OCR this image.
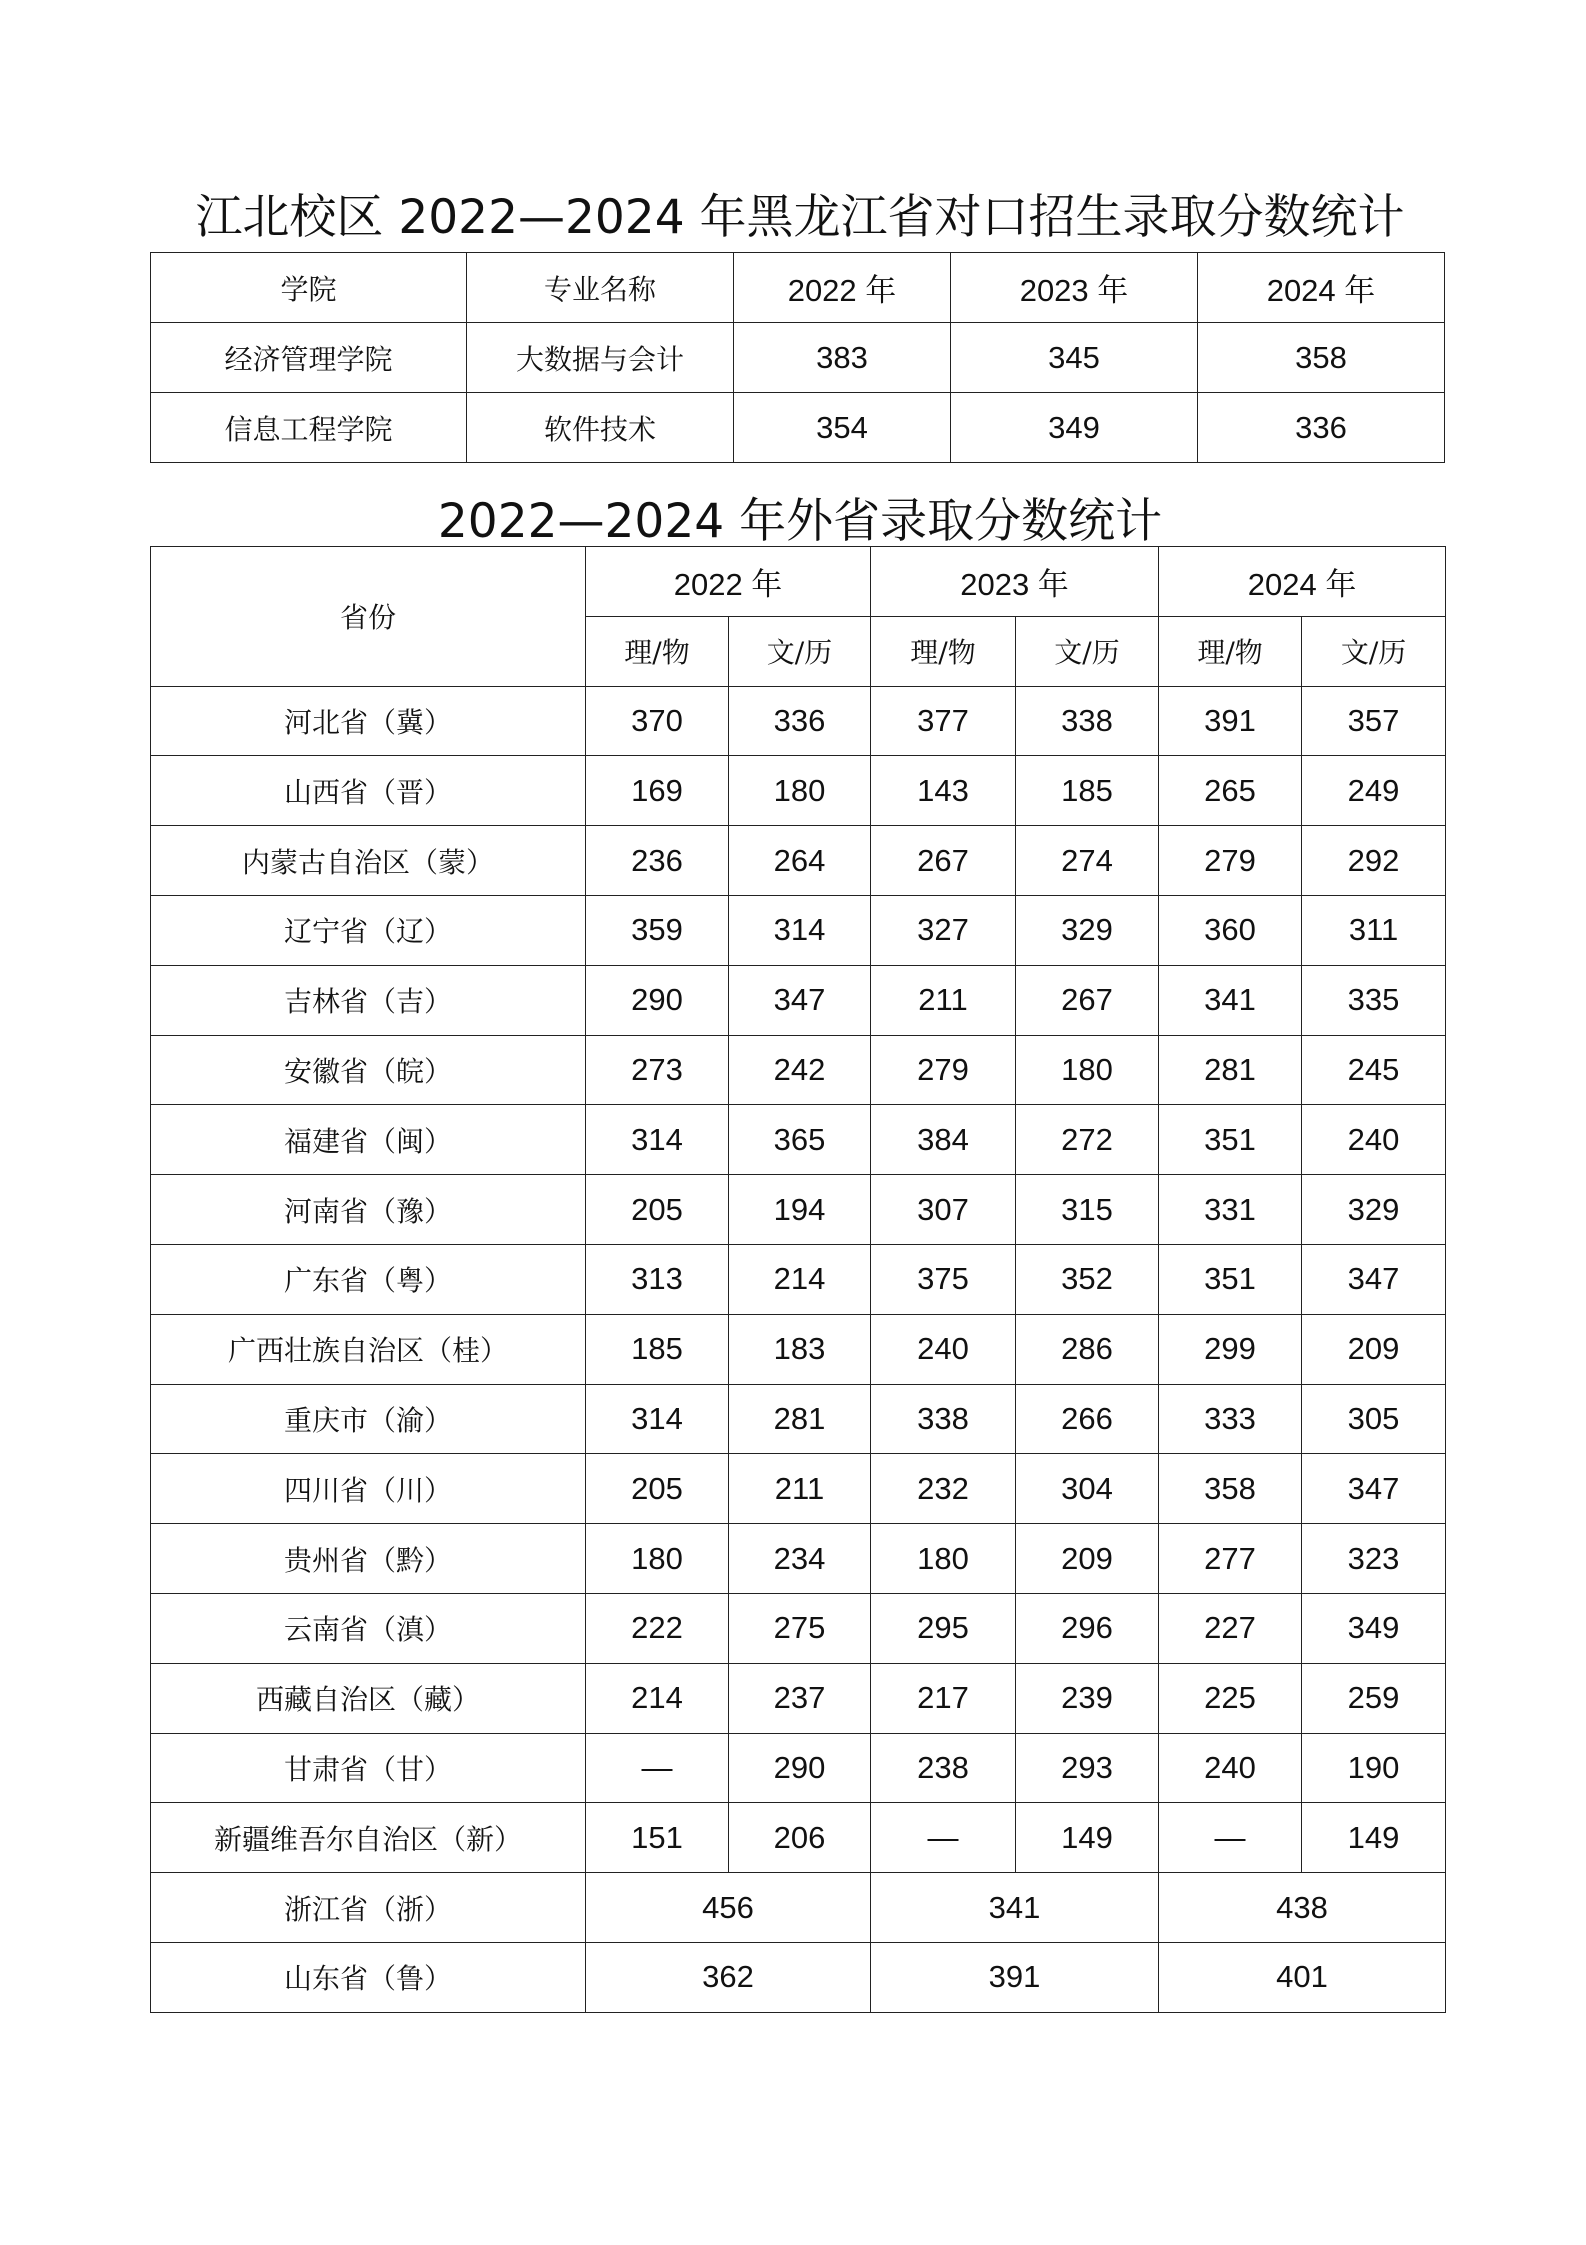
江北校区 2022—2024 年黑龙江省对口招生录取分数统计
学院	专业名称	2022 年	2023 年	2024 年
经济管理学院	大数据与会计	383	345	358
信息工程学院	软件技术	354	349	336
2022—2024 年外省录取分数统计
省份	2022 年		2023 年		2024 年	
	理/物	文/历	理/物	文/历	理/物	文/历
河北省（冀）	370	336	377	338	391	357
山西省（晋）	169	180	143	185	265	249
内蒙古自治区（蒙）	236	264	267	274	279	292
辽宁省（辽）	359	314	327	329	360	311
吉林省（吉）	290	347	211	267	341	335
安徽省（皖）	273	242	279	180	281	245
福建省（闽）	314	365	384	272	351	240
河南省（豫）	205	194	307	315	331	329
广东省（粤）	313	214	375	352	351	347
广西壮族自治区（桂）	185	183	240	286	299	209
重庆市（渝）	314	281	338	266	333	305
四川省（川）	205	211	232	304	358	347
贵州省（黔）	180	234	180	209	277	323
云南省（滇）	222	275	295	296	227	349
西藏自治区（藏）	214	237	217	239	225	259
甘肃省（甘）	—	290	238	293	240	190
新疆维吾尔自治区（新）	151	206	—	149	—	149
浙江省（浙）	456		341		438	
山东省（鲁）	362		391		401	
